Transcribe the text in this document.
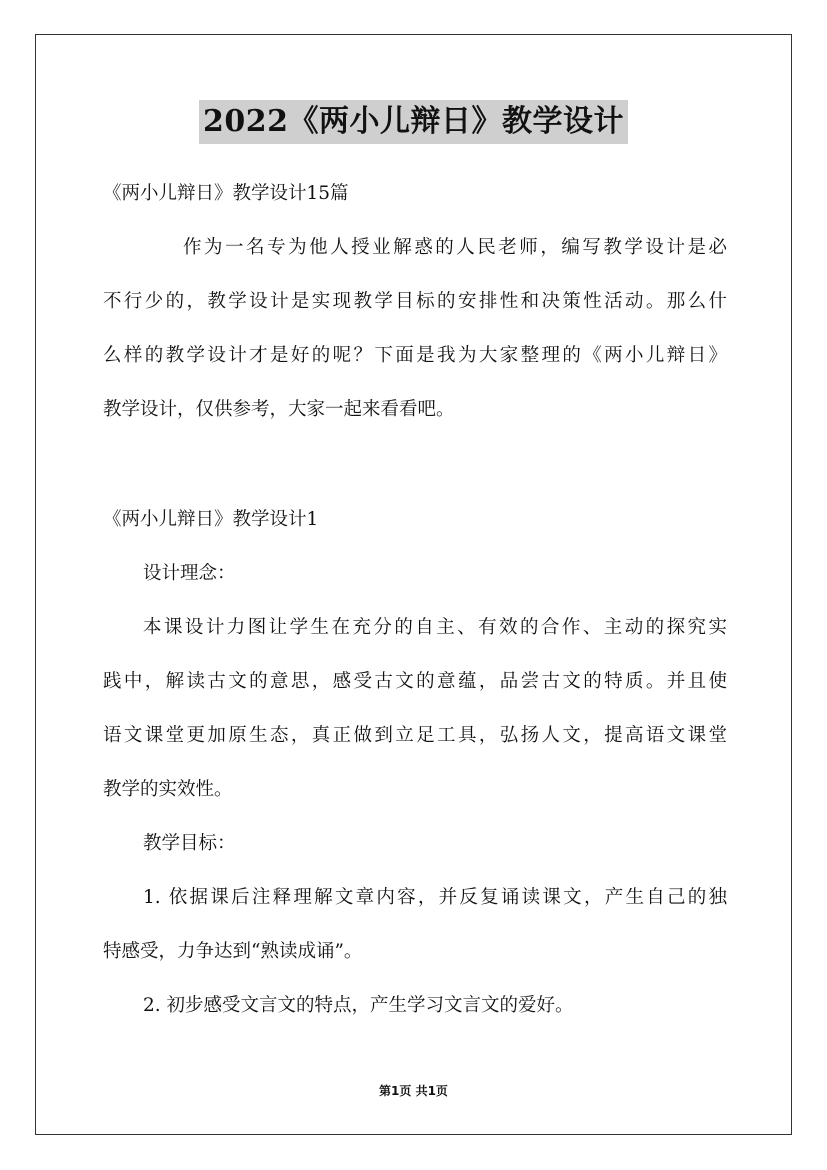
2022《两小儿辩日》教学设计
《两小儿辩日》教学设计15篇
作为一名专为他人授业解惑的人民老师，编写教学设计是必
不行少的，教学设计是实现教学目标的安排性和决策性活动。那么什
么样的教学设计才是好的呢？下面是我为大家整理的《两小儿辩日》
教学设计，仅供参考，大家一起来看看吧。
《两小儿辩日》教学设计1
设计理念：
本课设计力图让学生在充分的自主、有效的合作、主动的探究实
践中，解读古文的意思，感受古文的意蕴，品尝古文的特质。并且使
语文课堂更加原生态，真正做到立足工具，弘扬人文，提高语文课堂
教学的实效性。
教学目标：
1. 依据课后注释理解文章内容，并反复诵读课文，产生自己的独
特感受，力争达到“熟读成诵”。
2. 初步感受文言文的特点，产生学习文言文的爱好。
第1页 共1页
